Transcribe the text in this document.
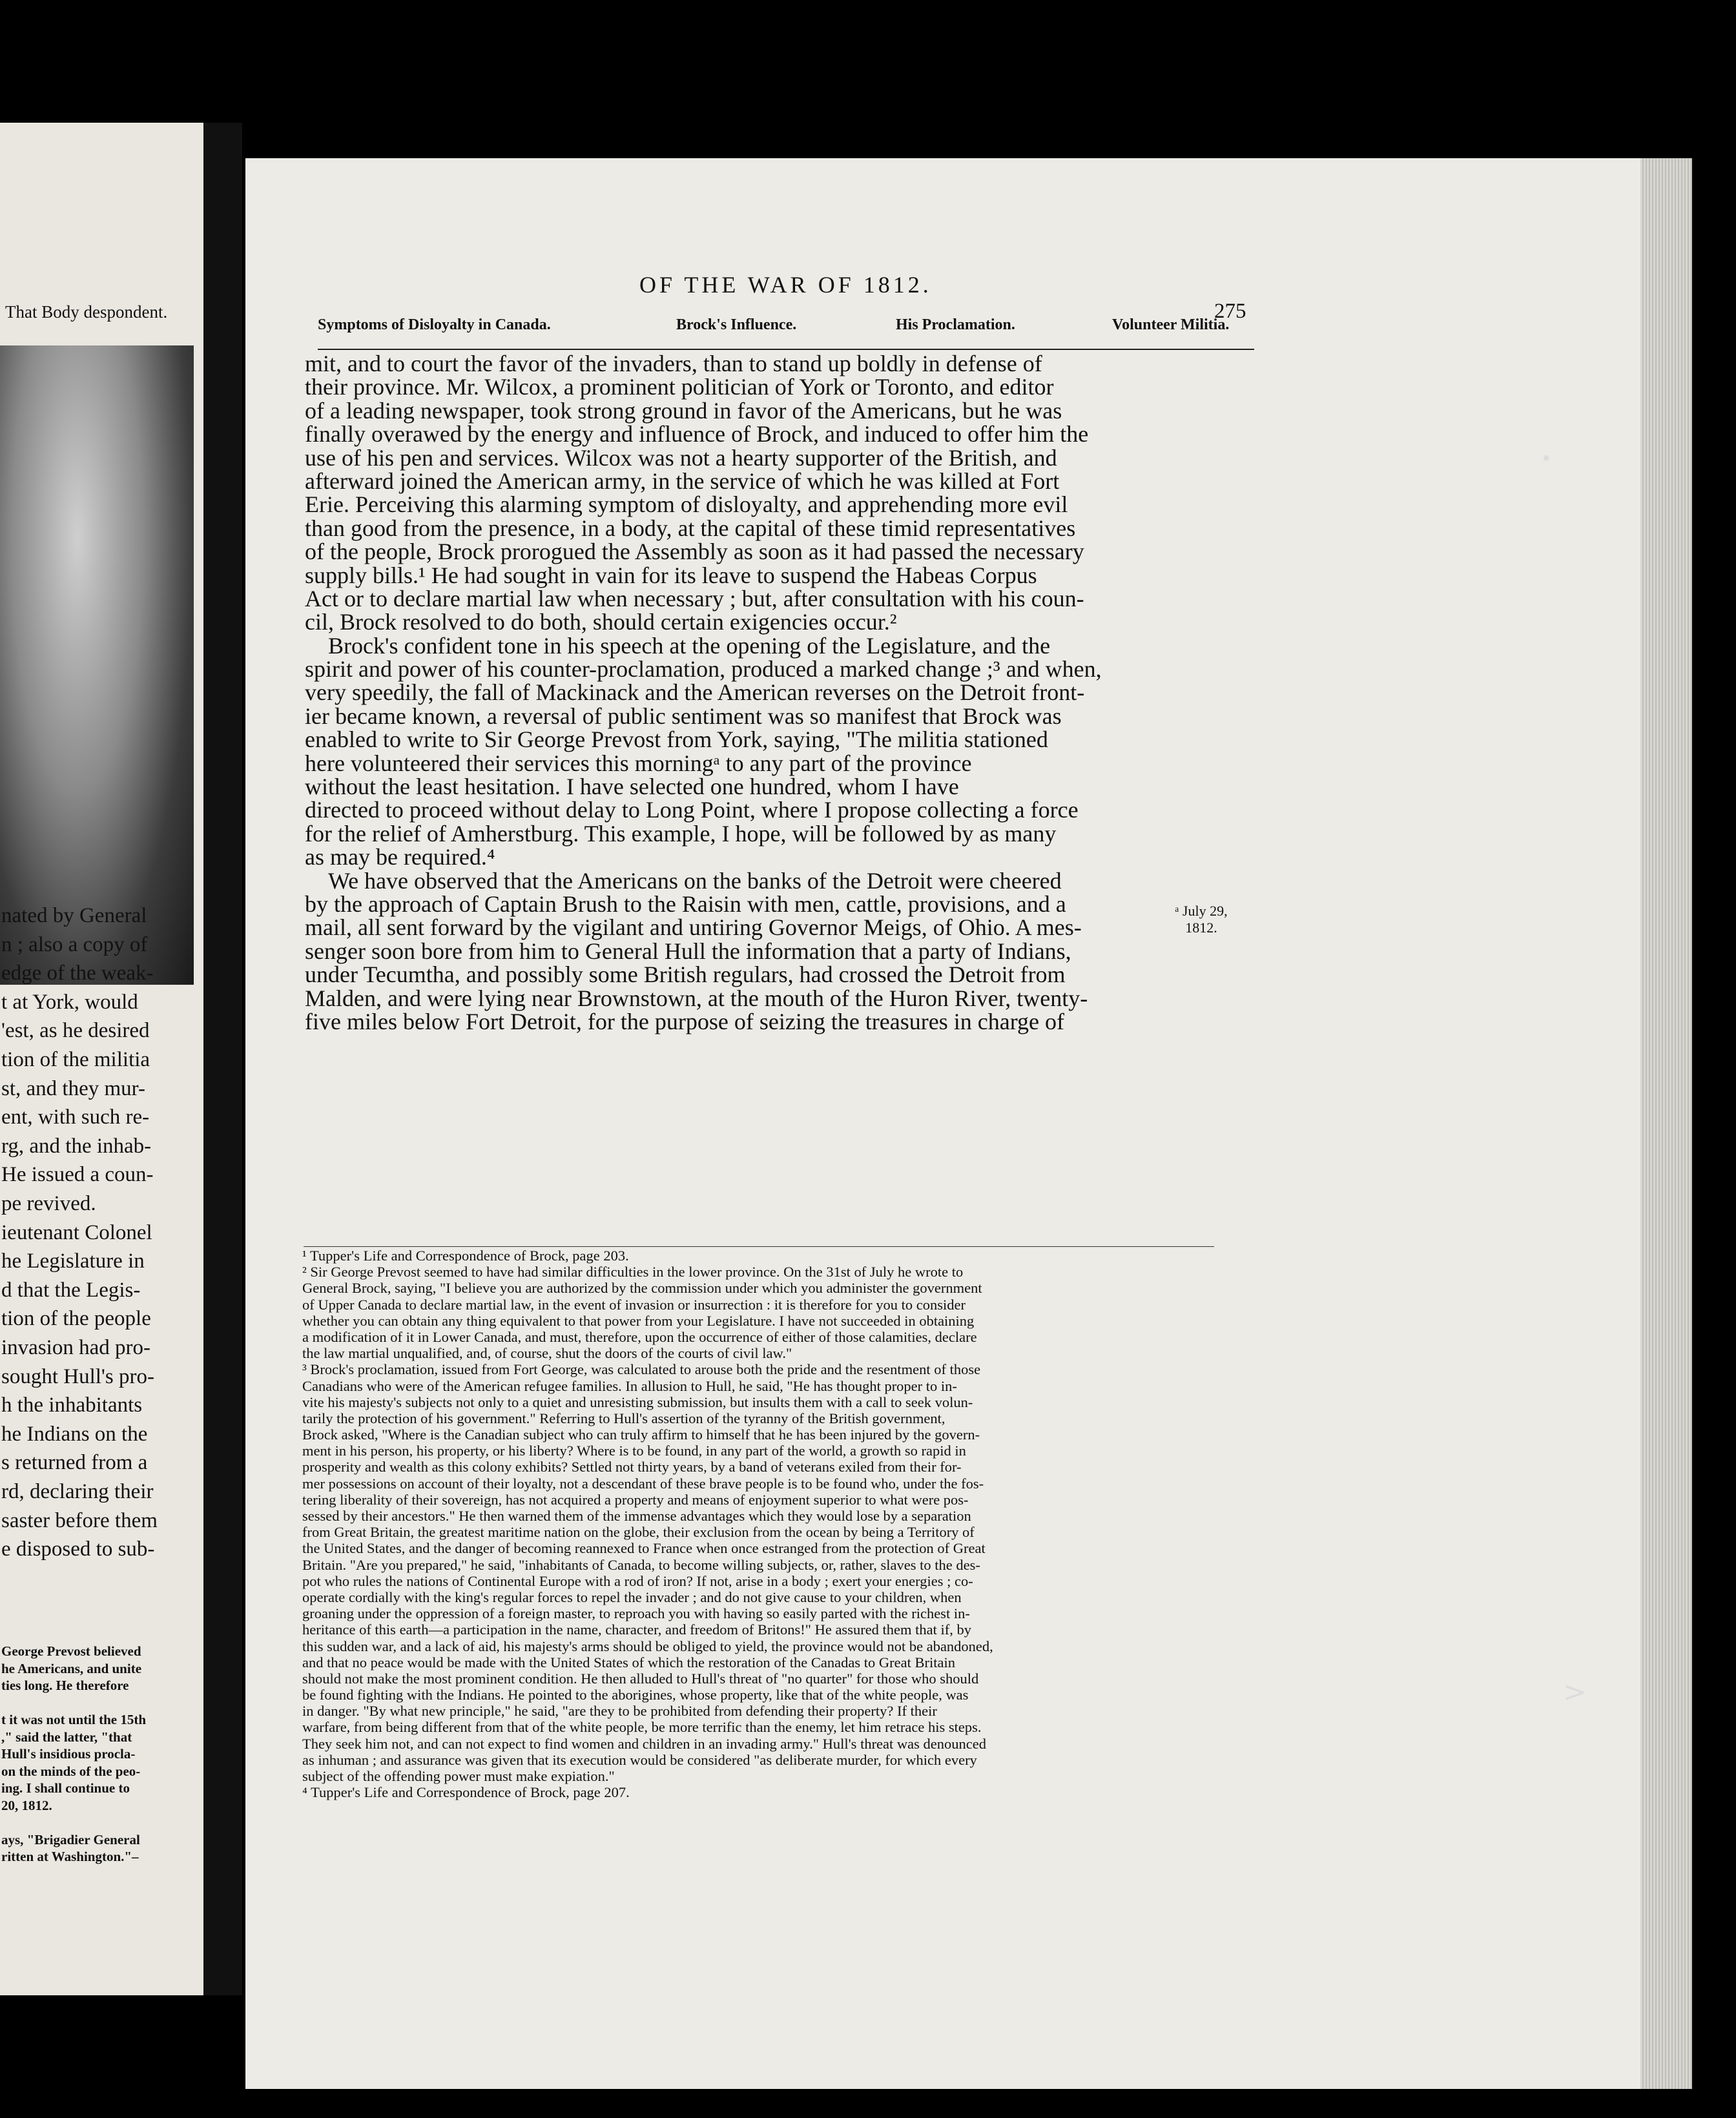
That Body despondent.
nated by General
n ; also a copy of
edge of the weak-
t at York, would
'est, as he desired
tion of the militia
st, and they mur-
ent, with such re-
rg, and the inhab-
He issued a coun-
pe revived.
ieutenant Colonel
he Legislature in
d that the Legis-
tion of the people
invasion had pro-
sought Hull's pro-
h the inhabitants
he Indians on the
s returned from a
rd, declaring their
saster before them
e disposed to sub-
George Prevost believed
he Americans, and unite
ties long. He therefore
t it was not until the 15th
," said the latter, "that
Hull's insidious procla-
on the minds of the peo-
ing. I shall continue to
20, 1812.
ays, "Brigadier General
ritten at Washington."–
OF THE WAR OF 1812.
275
Symptoms of Disloyalty in Canada.	Brock's Influence.	His Proclamation.	Volunteer Militia.
mit, and to court the favor of the invaders, than to stand up boldly in defense of
their province. Mr. Wilcox, a prominent politician of York or Toronto, and editor
of a leading newspaper, took strong ground in favor of the Americans, but he was
finally overawed by the energy and influence of Brock, and induced to offer him the
use of his pen and services. Wilcox was not a hearty supporter of the British, and
afterward joined the American army, in the service of which he was killed at Fort
Erie. Perceiving this alarming symptom of disloyalty, and apprehending more evil
than good from the presence, in a body, at the capital of these timid representatives
of the people, Brock prorogued the Assembly as soon as it had passed the necessary
supply bills.¹ He had sought in vain for its leave to suspend the Habeas Corpus
Act or to declare martial law when necessary ; but, after consultation with his coun-
cil, Brock resolved to do both, should certain exigencies occur.²
Brock's confident tone in his speech at the opening of the Legislature, and the
spirit and power of his counter-proclamation, produced a marked change ;³ and when,
very speedily, the fall of Mackinack and the American reverses on the Detroit front-
ier became known, a reversal of public sentiment was so manifest that Brock was
enabled to write to Sir George Prevost from York, saying, "The militia stationed
here volunteered their services this morningᵃ to any part of the province
without the least hesitation. I have selected one hundred, whom I have
directed to proceed without delay to Long Point, where I propose collecting a force
for the relief of Amherstburg. This example, I hope, will be followed by as many
as may be required.⁴
We have observed that the Americans on the banks of the Detroit were cheered
by the approach of Captain Brush to the Raisin with men, cattle, provisions, and a
mail, all sent forward by the vigilant and untiring Governor Meigs, of Ohio. A mes-
senger soon bore from him to General Hull the information that a party of Indians,
under Tecumtha, and possibly some British regulars, had crossed the Detroit from
Malden, and were lying near Brownstown, at the mouth of the Huron River, twenty-
five miles below Fort Detroit, for the purpose of seizing the treasures in charge of
ᵃ July 29,
1812.
¹ Tupper's Life and Correspondence of Brock, page 203.
² Sir George Prevost seemed to have had similar difficulties in the lower province. On the 31st of July he wrote to
General Brock, saying, "I believe you are authorized by the commission under which you administer the government
of Upper Canada to declare martial law, in the event of invasion or insurrection : it is therefore for you to consider
whether you can obtain any thing equivalent to that power from your Legislature. I have not succeeded in obtaining
a modification of it in Lower Canada, and must, therefore, upon the occurrence of either of those calamities, declare
the law martial unqualified, and, of course, shut the doors of the courts of civil law."
³ Brock's proclamation, issued from Fort George, was calculated to arouse both the pride and the resentment of those
Canadians who were of the American refugee families. In allusion to Hull, he said, "He has thought proper to in-
vite his majesty's subjects not only to a quiet and unresisting submission, but insults them with a call to seek volun-
tarily the protection of his government." Referring to Hull's assertion of the tyranny of the British government,
Brock asked, "Where is the Canadian subject who can truly affirm to himself that he has been injured by the govern-
ment in his person, his property, or his liberty? Where is to be found, in any part of the world, a growth so rapid in
prosperity and wealth as this colony exhibits? Settled not thirty years, by a band of veterans exiled from their for-
mer possessions on account of their loyalty, not a descendant of these brave people is to be found who, under the fos-
tering liberality of their sovereign, has not acquired a property and means of enjoyment superior to what were pos-
sessed by their ancestors." He then warned them of the immense advantages which they would lose by a separation
from Great Britain, the greatest maritime nation on the globe, their exclusion from the ocean by being a Territory of
the United States, and the danger of becoming reannexed to France when once estranged from the protection of Great
Britain. "Are you prepared," he said, "inhabitants of Canada, to become willing subjects, or, rather, slaves to the des-
pot who rules the nations of Continental Europe with a rod of iron? If not, arise in a body ; exert your energies ; co-
operate cordially with the king's regular forces to repel the invader ; and do not give cause to your children, when
groaning under the oppression of a foreign master, to reproach you with having so easily parted with the richest in-
heritance of this earth—a participation in the name, character, and freedom of Britons!" He assured them that if, by
this sudden war, and a lack of aid, his majesty's arms should be obliged to yield, the province would not be abandoned,
and that no peace would be made with the United States of which the restoration of the Canadas to Great Britain
should not make the most prominent condition. He then alluded to Hull's threat of "no quarter" for those who should
be found fighting with the Indians. He pointed to the aborigines, whose property, like that of the white people, was
in danger. "By what new principle," he said, "are they to be prohibited from defending their property? If their
warfare, from being different from that of the white people, be more terrific than the enemy, let him retrace his steps.
They seek him not, and can not expect to find women and children in an invading army." Hull's threat was denounced
as inhuman ; and assurance was given that its execution would be considered "as deliberate murder, for which every
subject of the offending power must make expiation."
⁴ Tupper's Life and Correspondence of Brock, page 207.
>
•
